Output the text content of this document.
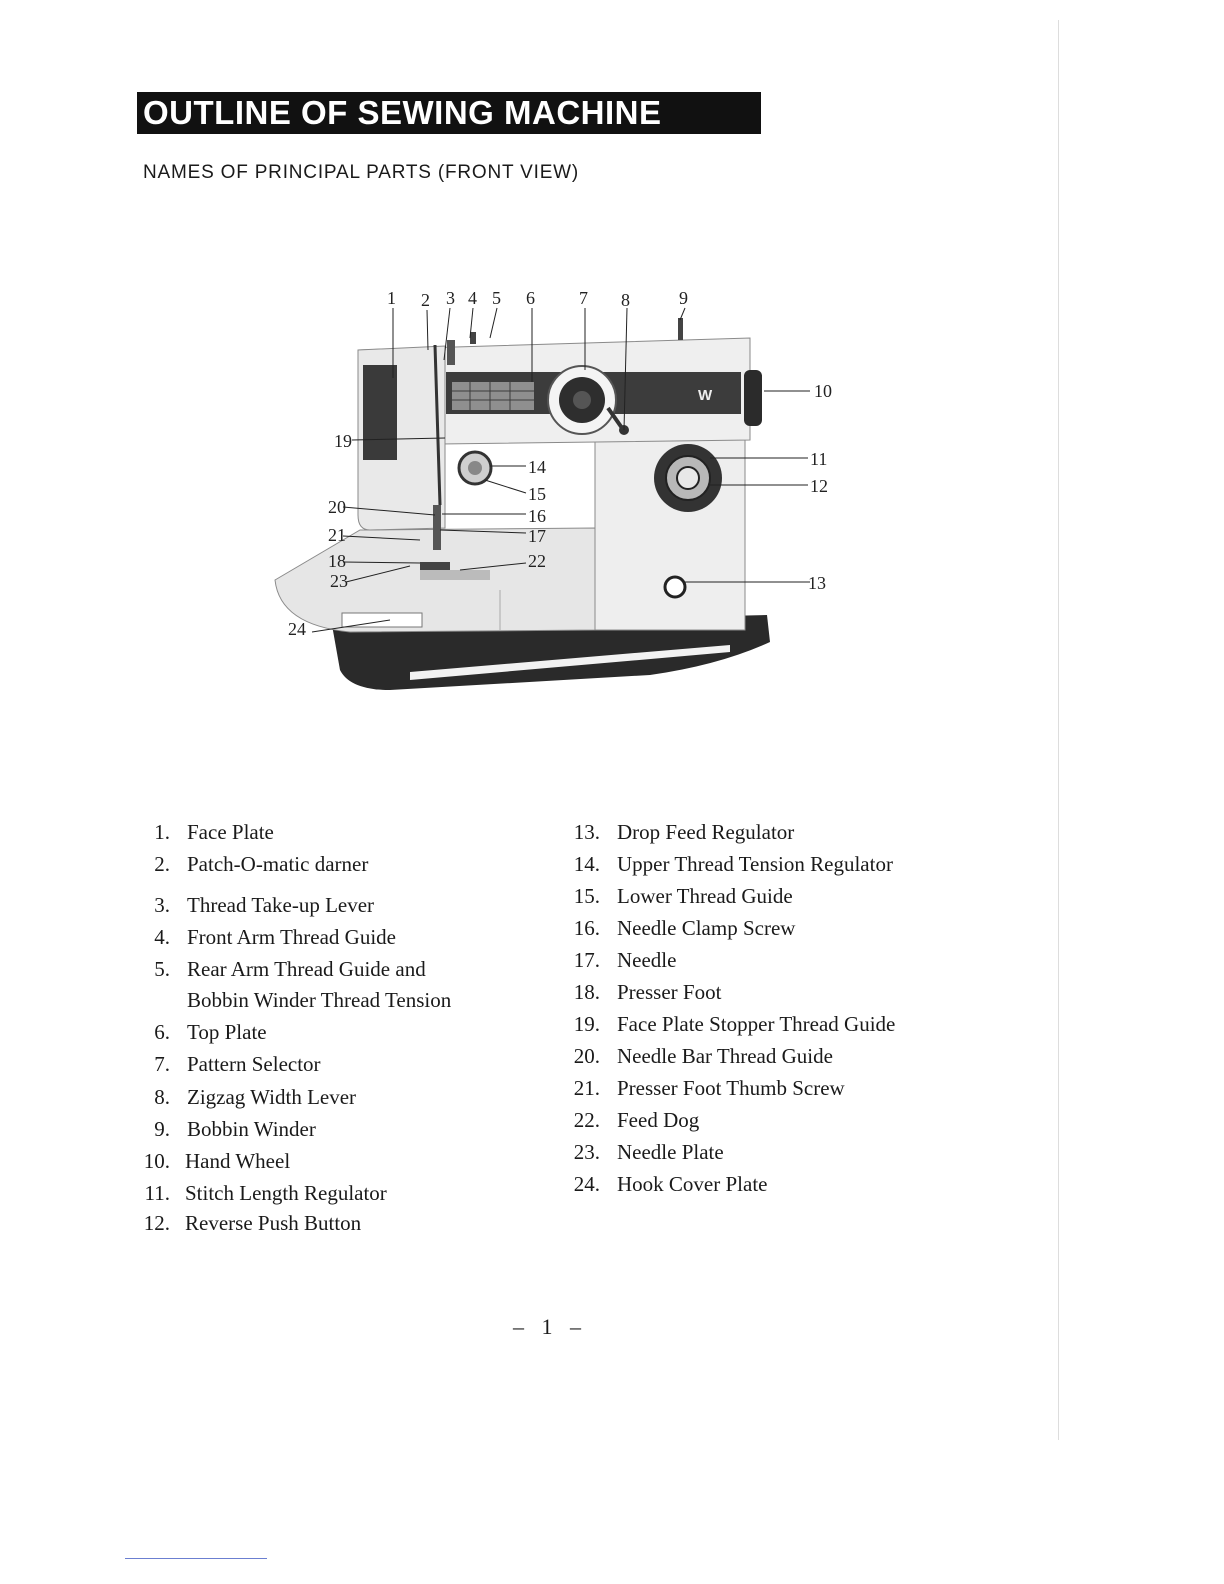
OUTLINE OF SEWING MACHINE
NAMES OF PRINCIPAL PARTS (FRONT VIEW)
W
1 2 3 4 5 6 7 8	9
10
11
12
13
14
15
16
17
22
19
20
21
18
23
24
1. Face Plate
2. Patch-O-matic darner
3. Thread Take-up Lever
4. Front Arm Thread Guide
5. Rear Arm Thread Guide and
Bobbin Winder Thread Tension
6. Top Plate
7. Pattern Selector
8. Zigzag Width Lever
9. Bobbin Winder
10. Hand Wheel
11. Stitch Length Regulator
12. Reverse Push Button
13. Drop Feed Regulator
14. Upper Thread Tension Regulator
15. Lower Thread Guide
16. Needle Clamp Screw
17. Needle
18. Presser Foot
19. Face Plate Stopper Thread Guide
20. Needle Bar Thread Guide
21. Presser Foot Thumb Screw
22. Feed Dog
23. Needle Plate
24. Hook Cover Plate
– 1 –
